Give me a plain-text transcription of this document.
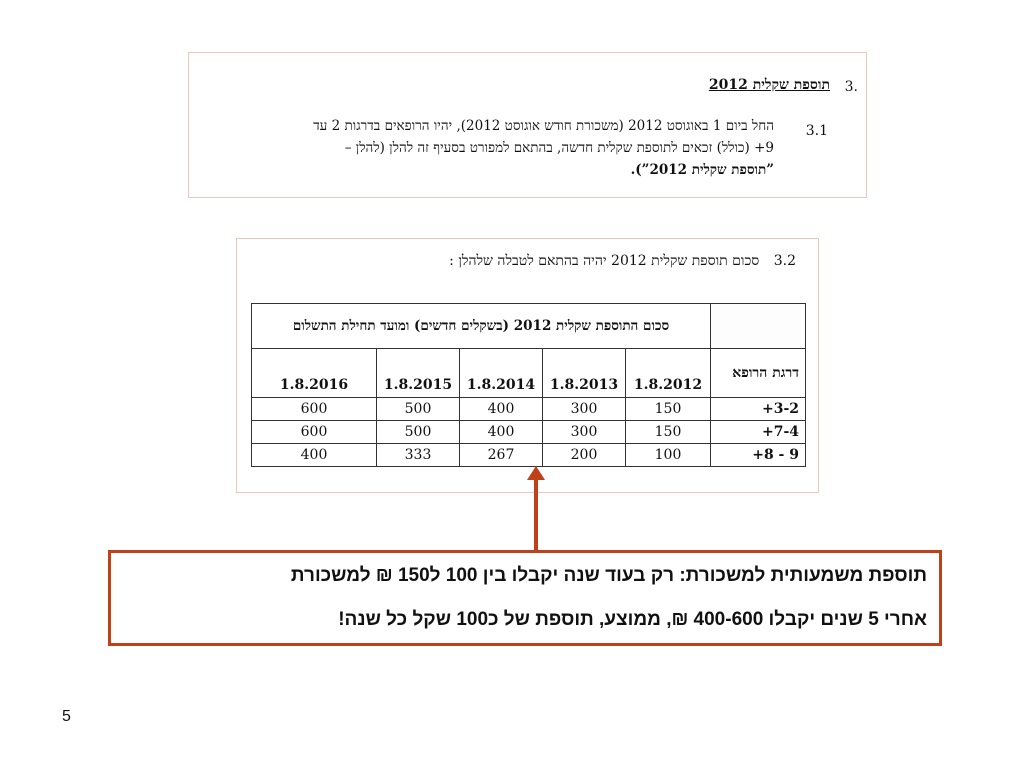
.3
תוספת שקלית 2012
3.1
החל ביום 1 באוגוסט 2012 (משכורת חודש אוגוסט 2012), יהיו הרופאים בדרגות 2 עד
9+ (כולל) זכאים לתוספת שקלית חדשה, בהתאם למפורט בסעיף זה להלן (להלן –
”תוספת שקלית 2012”).
3.2 סכום תוספת שקלית 2012 יהיה בהתאם לטבלה שלהלן :
	סכום התוספת שקלית 2012 (בשקלים חדשים) ומועד תחילת התשלום				
דרגת הרופא	1.8.2012	1.8.2013	1.8.2014	1.8.2015	1.8.2016
3-2+	150	300	400	500	600
7-4+	150	300	400	500	600
9 - 8+	100	200	267	333	400
תוספת משמעותית למשכורת: רק בעוד שנה יקבלו בין 100 ל150 ₪ למשכורת
אחרי 5 שנים יקבלו 400-600 ₪, ממוצע, תוספת של כ100 שקל כל שנה!
5
